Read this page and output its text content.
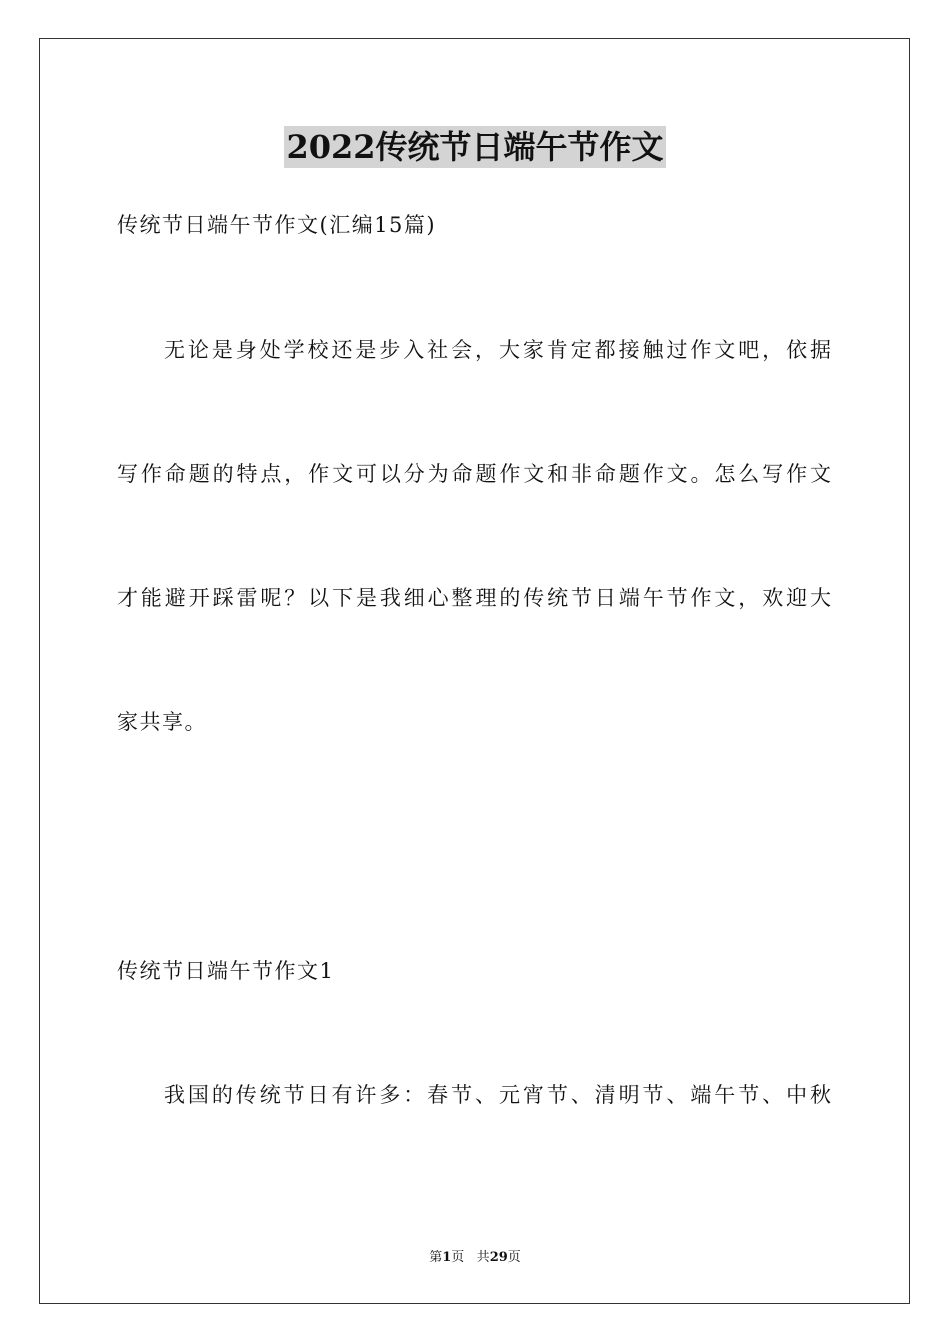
2022传统节日端午节作文
传统节日端午节作文(汇编15篇)
无论是身处学校还是步入社会，大家肯定都接触过作文吧，依据
写作命题的特点，作文可以分为命题作文和非命题作文。怎么写作文
才能避开踩雷呢？以下是我细心整理的传统节日端午节作文，欢迎大
家共享。
传统节日端午节作文1
我国的传统节日有许多：春节、元宵节、清明节、端午节、中秋
第1页 共29页
